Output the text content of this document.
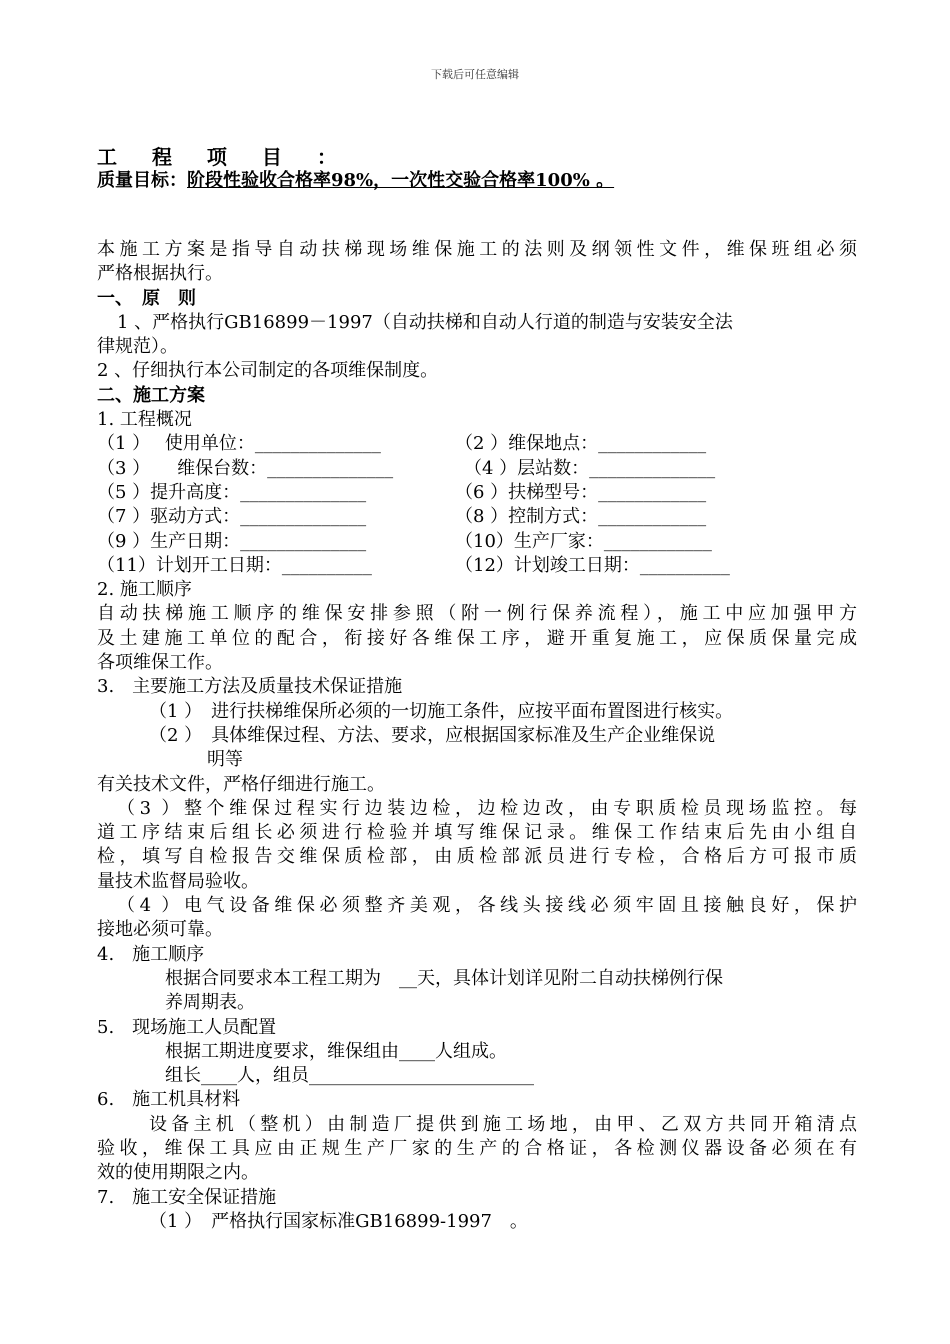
下载后可任意编辑
工 程 项 目 ：
质量目标：阶段性验收合格率98%，一次性交验合格率100% 。
本施工方案是指导自动扶梯现场维保施工的法则及纲领性文件，维保班组必须
严格根据执行。
一、　原　则
1 、严格执行GB16899－1997（自动扶梯和自动人行道的制造与安装安全法
律规范）。
2 、仔细执行本公司制定的各项维保制度。
二、施工方案
1. 工程概况
（1 ）　 使用单位：______________	（2 ）维保地点：____________
（3 ）　　维保台数：______________	　（4 ）层站数：______________
（5 ）提升高度：______________	（6 ）扶梯型号：____________
（7 ）驱动方式：______________	（8 ）控制方式：____________
（9 ）生产日期：______________	（10）生产厂家：____________
（11）计划开工日期：__________	（12）计划竣工日期：__________
2. 施工顺序
自动扶梯施工顺序的维保安排参照（附一例行保养流程），施工中应加强甲方
及土建施工单位的配合，衔接好各维保工序，避开重复施工，应保质保量完成
各项维保工作。
3.　主要施工方法及质量技术保证措施
（1 ）　进行扶梯维保所必须的一切施工条件，应按平面布置图进行核实。
（2 ）　具体维保过程、方法、要求，应根据国家标准及生产企业维保说
明等
有关技术文件，严格仔细进行施工。
（3 ）整个维保过程实行边装边检，边检边改，由专职质检员现场监控。每
道工序结束后组长必须进行检验并填写维保记录。维保工作结束后先由小组自
检，填写自检报告交维保质检部，由质检部派员进行专检，合格后方可报市质
量技术监督局验收。
（4 ）电气设备维保必须整齐美观，各线头接线必须牢固且接触良好，保护
接地必须可靠。
4.　施工顺序
根据合同要求本工程工期为　__天，具体计划详见附二自动扶梯例行保
养周期表。
5.　现场施工人员配置
根据工期进度要求，维保组由____人组成。
组长____人，组员_________________________
6.　施工机具材料
设备主机（整机）由制造厂提供到施工场地，由甲、乙双方共同开箱清点
验收，维保工具应由正规生产厂家的生产的合格证，各检测仪器设备必须在有
效的使用期限之内。
7.　施工安全保证措施
（1 ）　严格执行国家标准GB16899-1997　。
